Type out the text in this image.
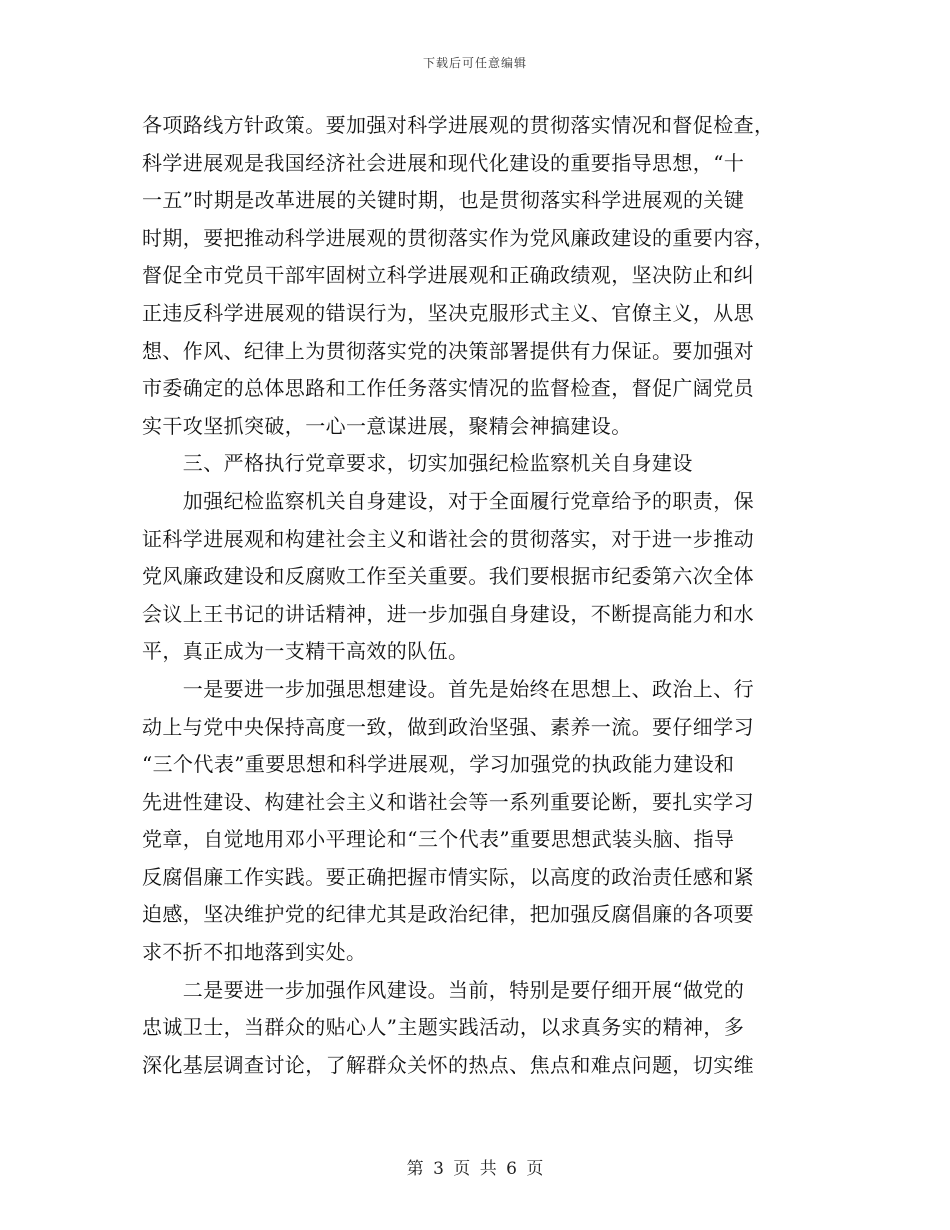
下载后可任意编辑
各项路线方针政策。要加强对科学进展观的贯彻落实情况和督促检查，
科学进展观是我国经济社会进展和现代化建设的重要指导思想，“十
一五”时期是改革进展的关键时期，也是贯彻落实科学进展观的关键
时期，要把推动科学进展观的贯彻落实作为党风廉政建设的重要内容，
督促全市党员干部牢固树立科学进展观和正确政绩观，坚决防止和纠
正违反科学进展观的错误行为，坚决克服形式主义、官僚主义，从思
想、作风、纪律上为贯彻落实党的决策部署提供有力保证。要加强对
市委确定的总体思路和工作任务落实情况的监督检查，督促广阔党员
实干攻坚抓突破，一心一意谋进展，聚精会神搞建设。
　　三、严格执行党章要求，切实加强纪检监察机关自身建设
　　加强纪检监察机关自身建设，对于全面履行党章给予的职责，保
证科学进展观和构建社会主义和谐社会的贯彻落实，对于进一步推动
党风廉政建设和反腐败工作至关重要。我们要根据市纪委第六次全体
会议上王书记的讲话精神，进一步加强自身建设，不断提高能力和水
平，真正成为一支精干高效的队伍。
　　一是要进一步加强思想建设。首先是始终在思想上、政治上、行
动上与党中央保持高度一致，做到政治坚强、素养一流。要仔细学习
“三个代表”重要思想和科学进展观，学习加强党的执政能力建设和
先进性建设、构建社会主义和谐社会等一系列重要论断，要扎实学习
党章，自觉地用邓小平理论和“三个代表”重要思想武装头脑、指导
反腐倡廉工作实践。要正确把握市情实际，以高度的政治责任感和紧
迫感，坚决维护党的纪律尤其是政治纪律，把加强反腐倡廉的各项要
求不折不扣地落到实处。
　　二是要进一步加强作风建设。当前，特别是要仔细开展“做党的
忠诚卫士，当群众的贴心人”主题实践活动，以求真务实的精神，多
深化基层调查讨论，了解群众关怀的热点、焦点和难点问题，切实维
第 3 页 共 6 页
